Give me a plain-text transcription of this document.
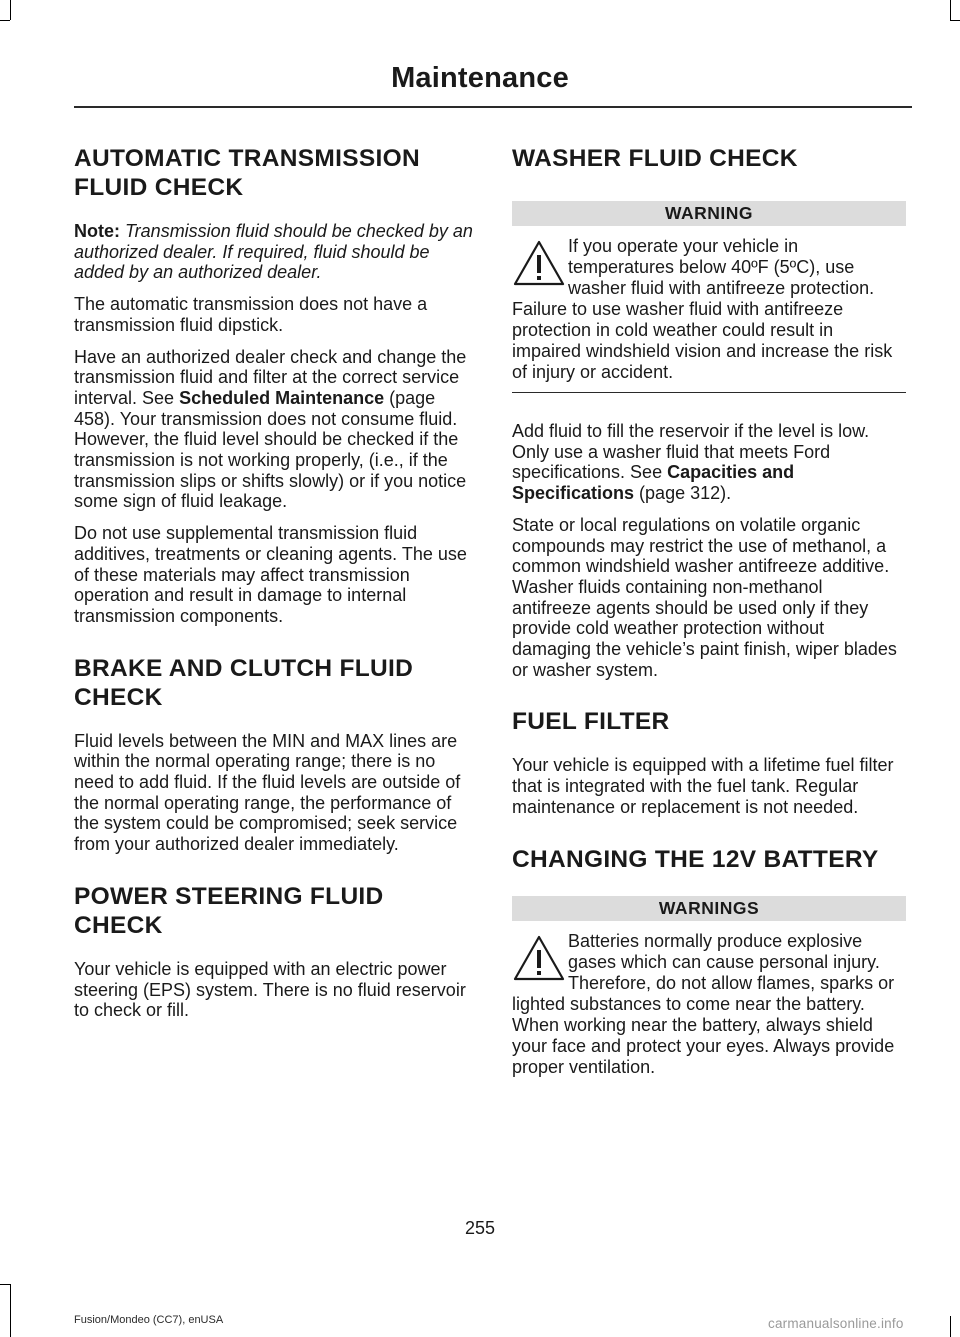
Maintenance
AUTOMATIC TRANSMISSION FLUID CHECK

Note: Transmission fluid should be checked by an authorized dealer. If required, fluid should be added by an authorized dealer.

The automatic transmission does not have a transmission fluid dipstick.

Have an authorized dealer check and change the transmission fluid and filter at the correct service interval. See Scheduled Maintenance (page 458). Your transmission does not consume fluid. However, the fluid level should be checked if the transmission is not working properly, (i.e., if the transmission slips or shifts slowly) or if you notice some sign of fluid leakage.

Do not use supplemental transmission fluid additives, treatments or cleaning agents. The use of these materials may affect transmission operation and result in damage to internal transmission components.

BRAKE AND CLUTCH FLUID CHECK

Fluid levels between the MIN and MAX lines are within the normal operating range; there is no need to add fluid. If the fluid levels are outside of the normal operating range, the performance of the system could be compromised; seek service from your authorized dealer immediately.

POWER STEERING FLUID CHECK

Your vehicle is equipped with an electric power steering (EPS) system. There is no fluid reservoir to check or fill.

WASHER FLUID CHECK
WARNING
If you operate your vehicle in temperatures below 40ºF (5ºC), use washer fluid with antifreeze protection. Failure to use washer fluid with antifreeze protection in cold weather could result in impaired windshield vision and increase the risk of injury or accident.

Add fluid to fill the reservoir if the level is low. Only use a washer fluid that meets Ford specifications. See Capacities and Specifications (page 312).

State or local regulations on volatile organic compounds may restrict the use of methanol, a common windshield washer antifreeze additive. Washer fluids containing non-methanol antifreeze agents should be used only if they provide cold weather protection without damaging the vehicle’s paint finish, wiper blades or washer system.

FUEL FILTER

Your vehicle is equipped with a lifetime fuel filter that is integrated with the fuel tank. Regular maintenance or replacement is not needed.

CHANGING THE 12V BATTERY
WARNINGS
Batteries normally produce explosive gases which can cause personal injury. Therefore, do not allow flames, sparks or lighted substances to come near the battery. When working near the battery, always shield your face and protect your eyes. Always provide proper ventilation.
255
Fusion/Mondeo (CC7), enUSA	carmanualsonline.info
